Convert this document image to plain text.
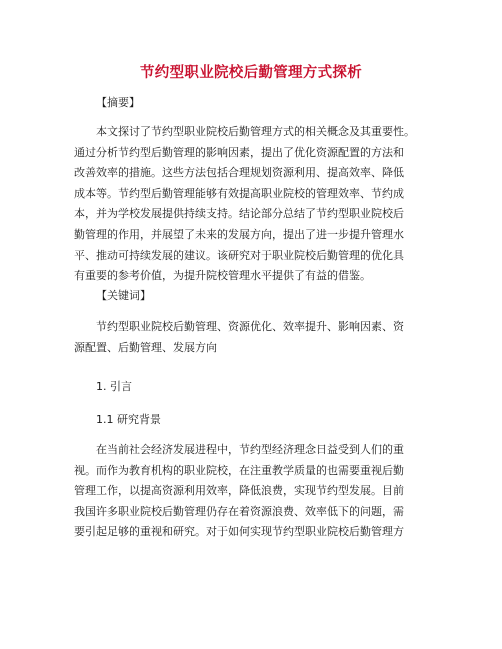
节约型职业院校后勤管理方式探析
【摘要】
本文探讨了节约型职业院校后勤管理方式的相关概念及其重要性。
通过分析节约型后勤管理的影响因素，提出了优化资源配置的方法和
改善效率的措施。这些方法包括合理规划资源利用、提高效率、降低
成本等。节约型后勤管理能够有效提高职业院校的管理效率、节约成
本，并为学校发展提供持续支持。结论部分总结了节约型职业院校后
勤管理的作用，并展望了未来的发展方向，提出了进一步提升管理水
平、推动可持续发展的建议。该研究对于职业院校后勤管理的优化具
有重要的参考价值，为提升院校管理水平提供了有益的借鉴。
【关键词】
节约型职业院校后勤管理、资源优化、效率提升、影响因素、资
源配置、后勤管理、发展方向
1. 引言
1.1 研究背景
在当前社会经济发展进程中，节约型经济理念日益受到人们的重
视。而作为教育机构的职业院校，在注重教学质量的也需要重视后勤
管理工作，以提高资源利用效率，降低浪费，实现节约型发展。目前
我国许多职业院校后勤管理仍存在着资源浪费、效率低下的问题，需
要引起足够的重视和研究。对于如何实现节约型职业院校后勤管理方
